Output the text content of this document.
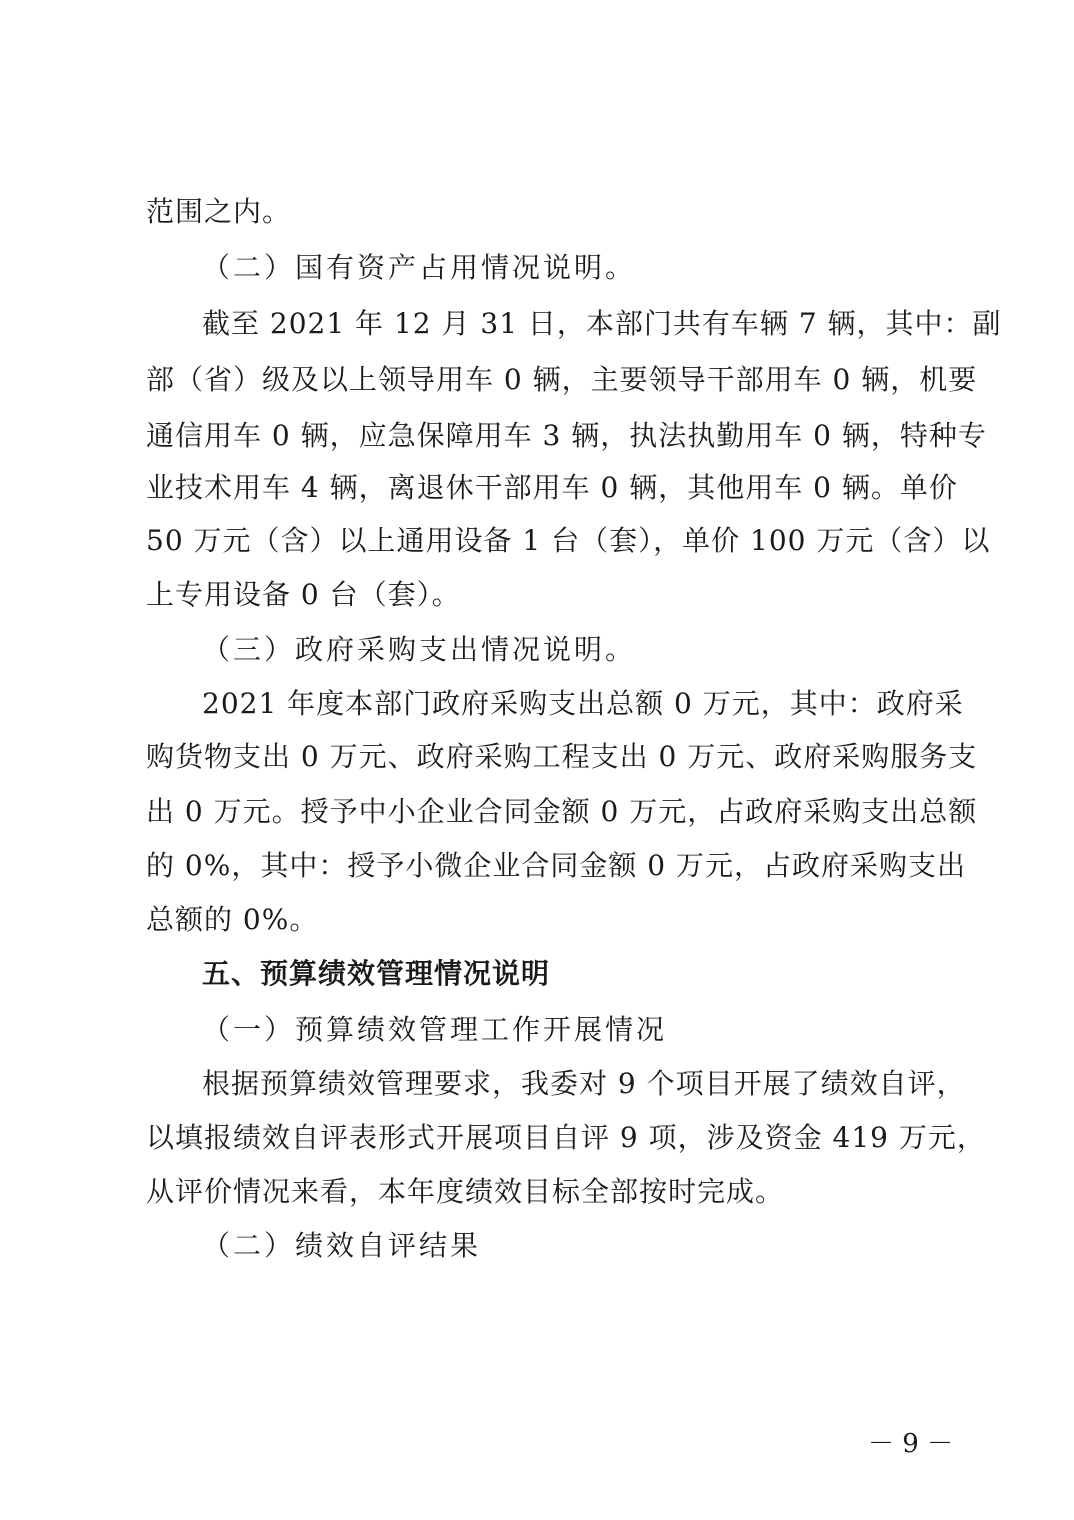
范围之内。
（二）国有资产占用情况说明。
截至 2021 年 12 月 31 日，本部门共有车辆 7 辆，其中：副
部（省）级及以上领导用车 0 辆，主要领导干部用车 0 辆，机要
通信用车 0 辆，应急保障用车 3 辆，执法执勤用车 0 辆，特种专
业技术用车 4 辆，离退休干部用车 0 辆，其他用车 0 辆。单价
50 万元（含）以上通用设备 1 台（套），单价 100 万元（含）以
上专用设备 0 台（套）。
（三）政府采购支出情况说明。
2021 年度本部门政府采购支出总额 0 万元，其中：政府采
购货物支出 0 万元、政府采购工程支出 0 万元、政府采购服务支
出 0 万元。授予中小企业合同金额 0 万元，占政府采购支出总额
的 0%，其中：授予小微企业合同金额 0 万元，占政府采购支出
总额的 0%。
五、预算绩效管理情况说明
（一）预算绩效管理工作开展情况
根据预算绩效管理要求，我委对 9 个项目开展了绩效自评，
以填报绩效自评表形式开展项目自评 9 项，涉及资金 419 万元，
从评价情况来看，本年度绩效目标全部按时完成。
（二）绩效自评结果
－ 9 －
